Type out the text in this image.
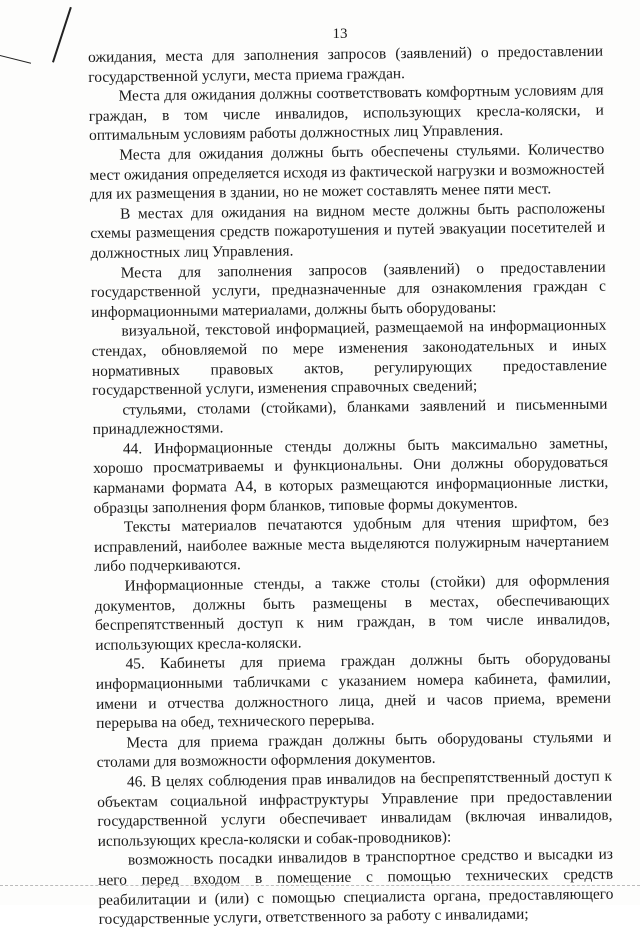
13

ожидания, места для заполнения запросов (заявлений) о предоставлении государственной услуги, места приема граждан.

Места для ожидания должны соответствовать комфортным условиям для граждан, в том числе инвалидов, использующих кресла-коляски, и оптимальным условиям работы должностных лиц Управления.

Места для ожидания должны быть обеспечены стульями. Количество мест ожидания определяется исходя из фактической нагрузки и возможностей для их размещения в здании, но не может составлять менее пяти мест.

В местах для ожидания на видном месте должны быть расположены схемы размещения средств пожаротушения и путей эвакуации посетителей и должностных лиц Управления.

Места для заполнения запросов (заявлений) о предоставлении государственной услуги, предназначенные для ознакомления граждан с информационными материалами, должны быть оборудованы:

визуальной, текстовой информацией, размещаемой на информационных стендах, обновляемой по мере изменения законодательных и иных нормативных правовых актов, регулирующих предоставление государственной услуги, изменения справочных сведений;

стульями, столами (стойками), бланками заявлений и письменными принадлежностями.

44. Информационные стенды должны быть максимально заметны, хорошо просматриваемы и функциональны. Они должны оборудоваться карманами формата А4, в которых размещаются информационные листки, образцы заполнения форм бланков, типовые формы документов.

Тексты материалов печатаются удобным для чтения шрифтом, без исправлений, наиболее важные места выделяются полужирным начертанием либо подчеркиваются.

Информационные стенды, а также столы (стойки) для оформления документов, должны быть размещены в местах, обеспечивающих беспрепятственный доступ к ним граждан, в том числе инвалидов, использующих кресла-коляски.

45. Кабинеты для приема граждан должны быть оборудованы информационными табличками с указанием номера кабинета, фамилии, имени и отчества должностного лица, дней и часов приема, времени перерыва на обед, технического перерыва.

Места для приема граждан должны быть оборудованы стульями и столами для возможности оформления документов.

46. В целях соблюдения прав инвалидов на беспрепятственный доступ к объектам социальной инфраструктуры Управление при предоставлении государственной услуги обеспечивает инвалидам (включая инвалидов, использующих кресла-коляски и собак-проводников):

возможность посадки инвалидов в транспортное средство и высадки из него перед входом в помещение с помощью технических средств реабилитации и (или) с помощью специалиста органа, предоставляющего государственные услуги, ответственного за работу с инвалидами;
